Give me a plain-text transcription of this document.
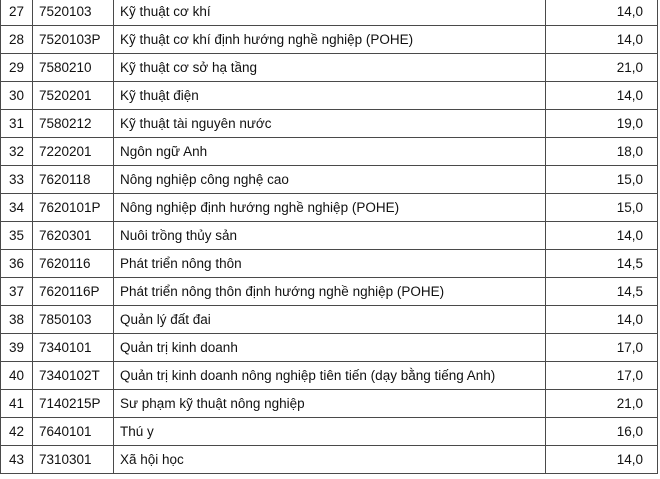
27	7520103	Kỹ thuật cơ khí	14,0
28	7520103P	Kỹ thuật cơ khí định hướng nghề nghiệp (POHE)	14,0
29	7580210	Kỹ thuật cơ sở hạ tầng	21,0
30	7520201	Kỹ thuật điện	14,0
31	7580212	Kỹ thuật tài nguyên nước	19,0
32	7220201	Ngôn ngữ Anh	18,0
33	7620118	Nông nghiệp công nghệ cao	15,0
34	7620101P	Nông nghiệp định hướng nghề nghiệp (POHE)	15,0
35	7620301	Nuôi trồng thủy sản	14,0
36	7620116	Phát triển nông thôn	14,5
37	7620116P	Phát triển nông thôn định hướng nghề nghiệp (POHE)	14,5
38	7850103	Quản lý đất đai	14,0
39	7340101	Quản trị kinh doanh	17,0
40	7340102T	Quản trị kinh doanh nông nghiệp tiên tiến (dạy bằng tiếng Anh)	17,0
41	7140215P	Sư phạm kỹ thuật nông nghiệp	21,0
42	7640101	Thú y	16,0
43	7310301	Xã hội học	14,0
